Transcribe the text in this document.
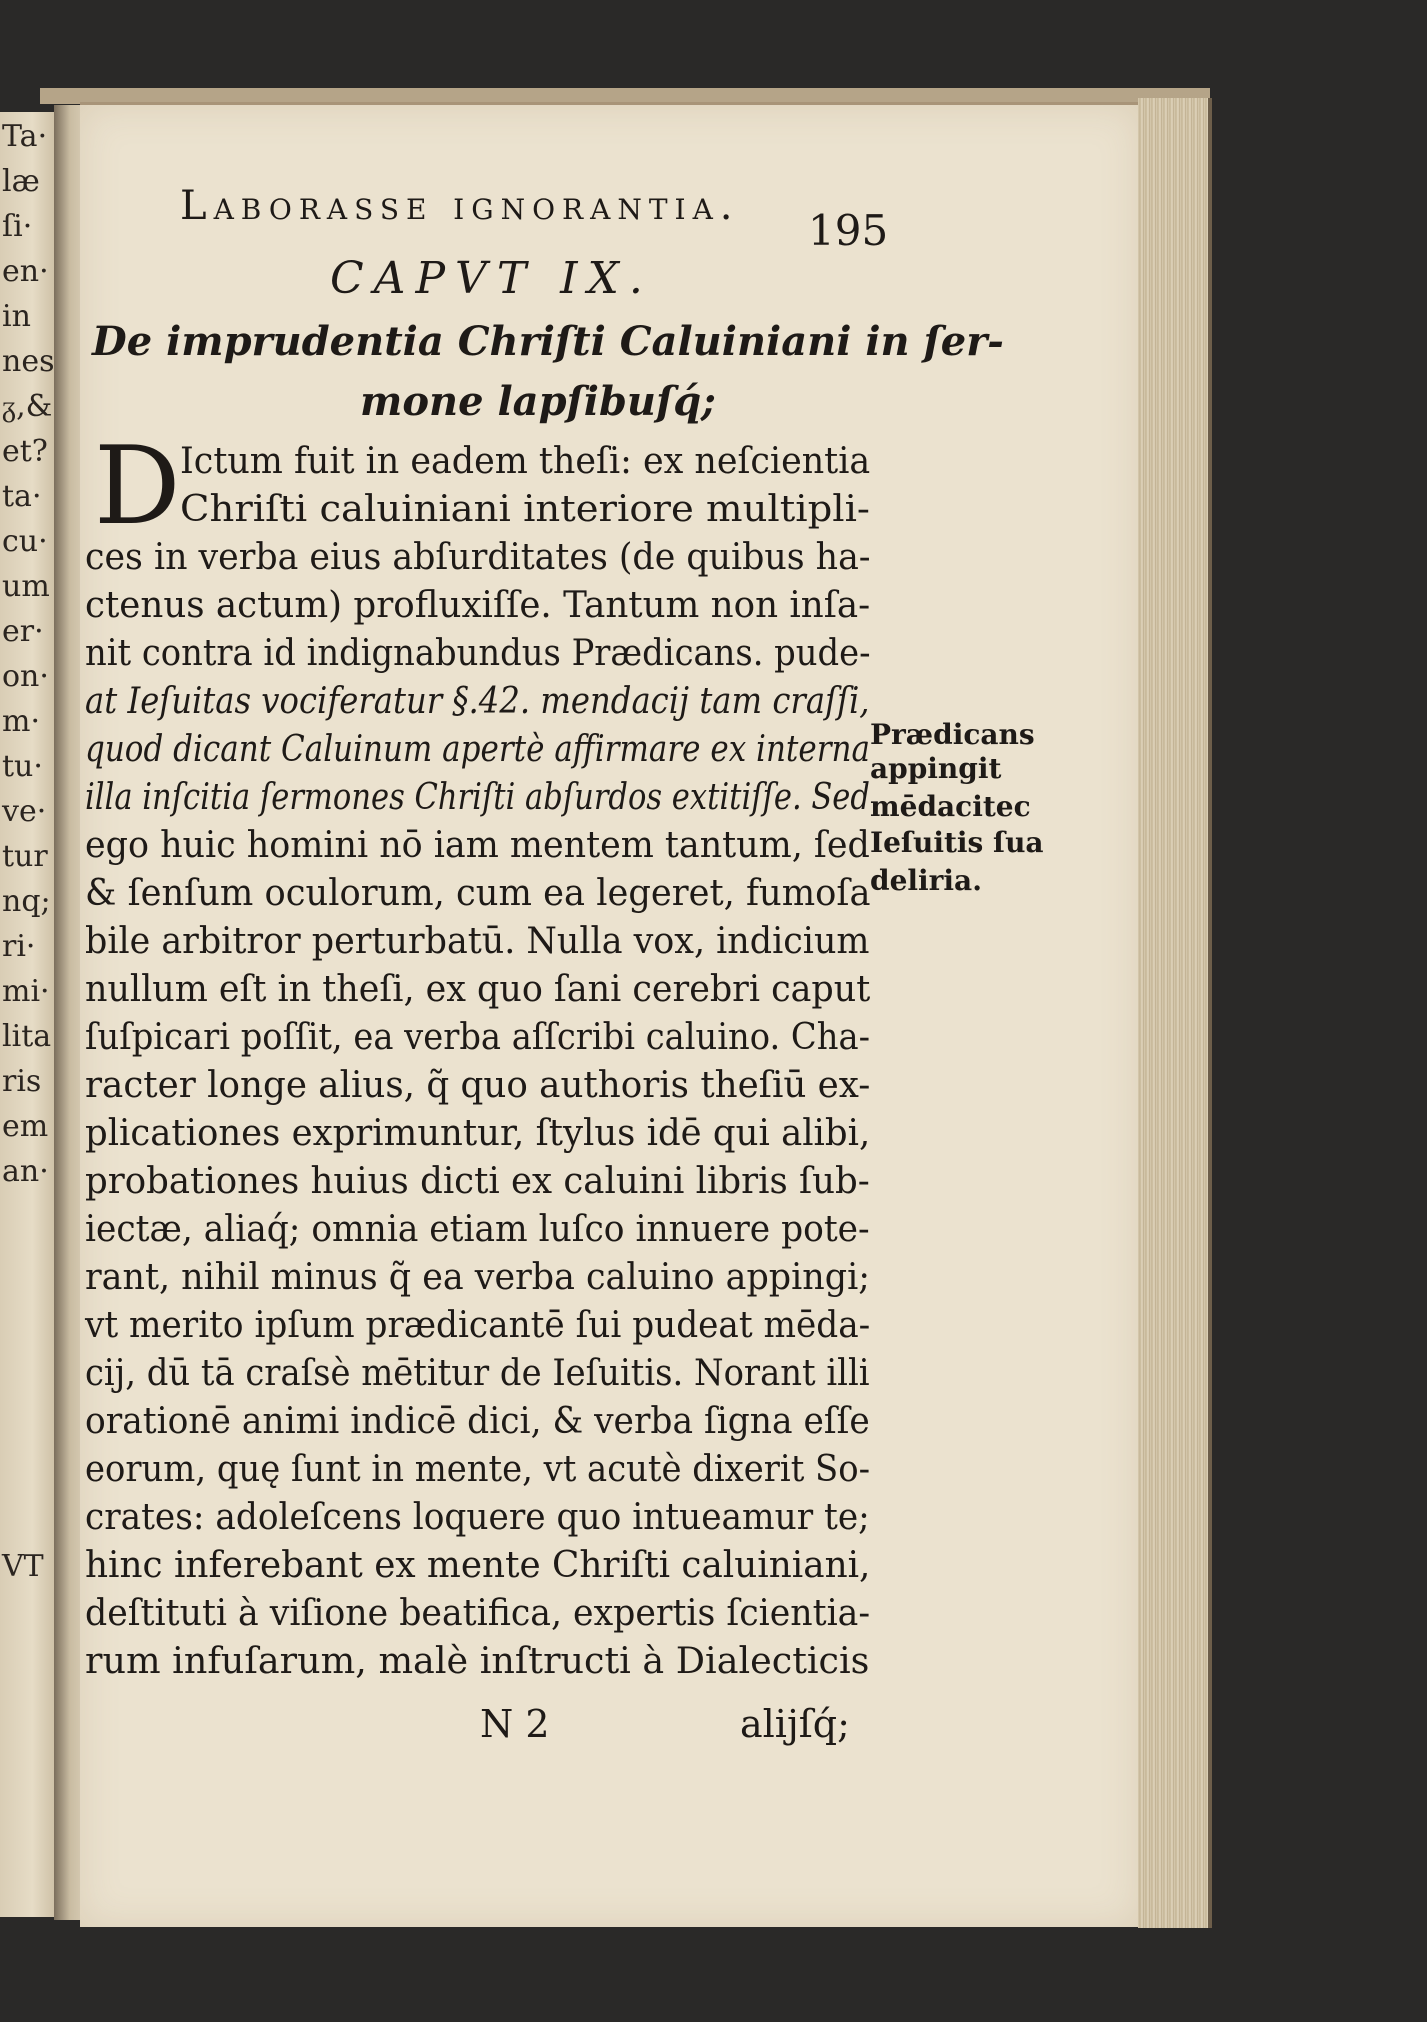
Ta·
læ
ſi·
en·
in
nes
ᵹ,&
et?
ta·
cu·
um
er·
on·
m·
tu·
ve·
tur
nq;
ri·
mi·
lita
ris
em
an·
VT
Laborasse ignorantia. 195
CAPVT IX.
De imprudentia Chriſti Caluiniani in ſer-
mone lapſibuſq́;
D Ictum fuit in eadem theſi: ex neſcientia
Chriſti caluiniani interiore multipli-
ces in verba eius abſurditates (de quibus ha-
ctenus actum) profluxiſſe. Tantum non inſa-
nit contra id indignabundus Prædicans. pude-
at Ieſuitas vociferatur §.42. mendacij tam craſſi,
quod dicant Caluinum apertè affirmare ex interna
illa inſcitia ſermones Chriſti abſurdos extitiſſe. Sed
ego huic homini nō iam mentem tantum, ſed
& ſenſum oculorum, cum ea legeret, fumoſa
bile arbitror perturbatū. Nulla vox, indicium
nullum eſt in theſi, ex quo ſani cerebri caput
ſuſpicari poſſit, ea verba aſſcribi caluino. Cha-
racter longe alius, q̃ quo authoris theſiū ex-
plicationes exprimuntur, ſtylus idē qui alibi,
probationes huius dicti ex caluini libris ſub-
iectæ, aliaq́; omnia etiam luſco innuere pote-
rant, nihil minus q̃ ea verba caluino appingi;
vt merito ipſum prædicantē ſui pudeat mēda-
cij, dū tā craſsè mētitur de Ieſuitis. Norant illi
orationē animi indicē dici, & verba ſigna eſſe
eorum, quę ſunt in mente, vt acutè dixerit So-
crates: adoleſcens loquere quo intueamur te;
hinc inferebant ex mente Chriſti caluiniani,
deſtituti à viſione beatifica, expertis ſcientia-
rum infuſarum, malè inſtructi à Dialecticis
Prædicans
appingit
mēdacitec
Ieſuitis ſua
deliria.
N 2	alijſq́;
